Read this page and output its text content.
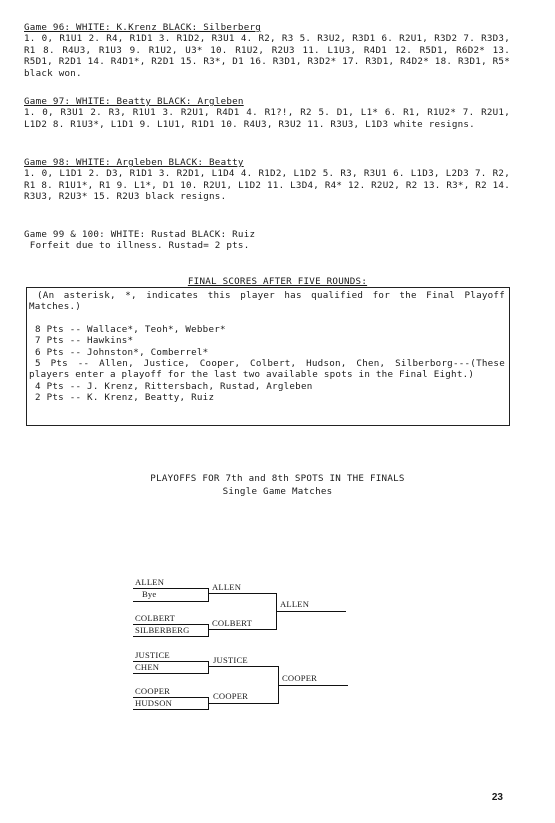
Game 96: WHITE: K.Krenz BLACK: Silberberg
1. 0, R1U1 2. R4, R1D1 3. R1D2, R3U1 4. R2, R3 5. R3U2, R3D1 6. R2U1, R3D2 7. R3D3, R1 8. R4U3, R1U3 9. R1U2, U3* 10. R1U2, R2U3 11. L1U3, R4D1 12. R5D1, R6D2* 13. R5D1, R2D1 14. R4D1*, R2D1 15. R3*, D1 16. R3D1, R3D2* 17. R3D1, R4D2* 18. R3D1, R5* black won.
Game 97: WHITE: Beatty BLACK: Argleben
1. 0, R3U1 2. R3, R1U1 3. R2U1, R4D1 4. R1?!, R2 5. D1, L1* 6. R1, R1U2* 7. R2U1, L1D2 8. R1U3*, L1D1 9. L1U1, R1D1 10. R4U3, R3U2 11. R3U3, L1D3 white resigns.
Game 98: WHITE: Argleben BLACK: Beatty
1. 0, L1D1 2. D3, R1D1 3. R2D1, L1D4 4. R1D2, L1D2 5. R3, R3U1 6. L1D3, L2D3 7. R2, R1 8. R1U1*, R1 9. L1*, D1 10. R2U1, L1D2 11. L3D4, R4* 12. R2U2, R2 13. R3*, R2 14. R3U3, R2U3* 15. R2U3 black resigns.
Game 99 & 100: WHITE: Rustad BLACK: Ruiz
Forfeit due to illness. Rustad= 2 pts.
FINAL SCORES AFTER FIVE ROUNDS:
(An asterisk, *, indicates this player has qualified for the Final Playoff Matches.)
8 Pts -- Wallace*, Teoh*, Webber*
7 Pts -- Hawkins*
6 Pts -- Johnston*, Comberrel*
5 Pts -- Allen, Justice, Cooper, Colbert, Hudson, Chen, Silberborg---(These players enter a playoff for the last two available spots in the Final Eight.)
4 Pts -- J. Krenz, Rittersbach, Rustad, Argleben
2 Pts -- K. Krenz, Beatty, Ruiz
PLAYOFFS FOR 7th and 8th SPOTS IN THE FINALS
Single Game Matches
ALLEN
Bye
ALLEN
COLBERT
SILBERBERG
COLBERT
ALLEN
JUSTICE
CHEN
JUSTICE
COOPER
HUDSON
COOPER
COOPER
23
